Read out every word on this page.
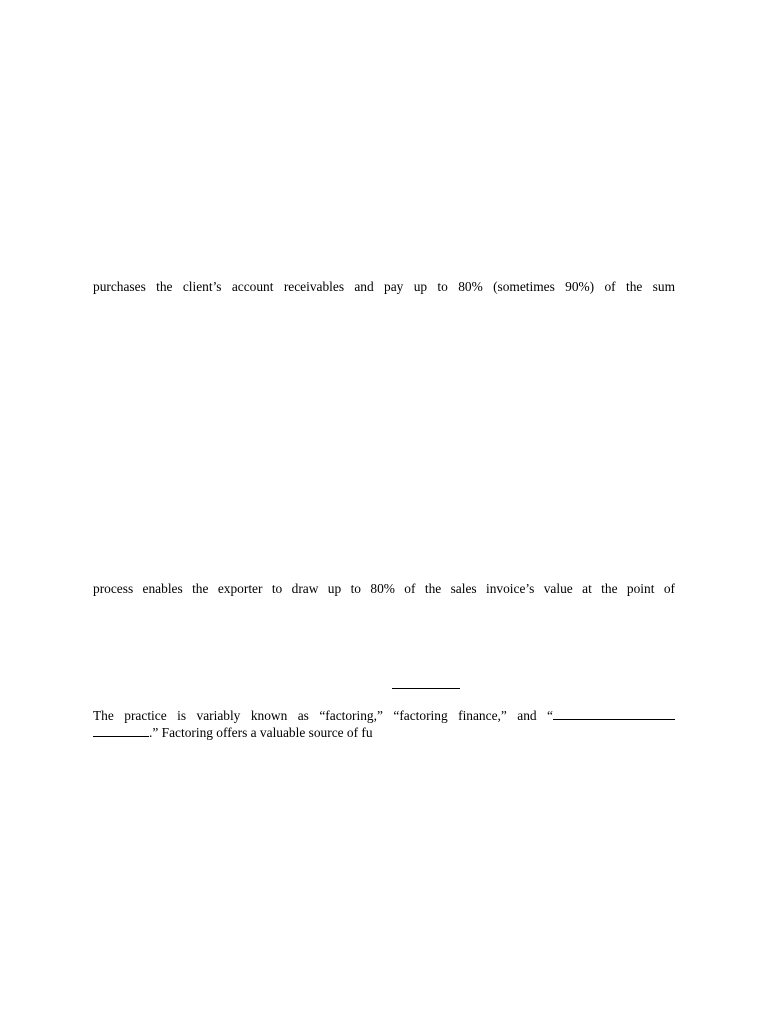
purchases the client’s account receivables and pay up to 80% (sometimes 90%) of the sum
process enables the exporter to draw up to 80% of the sales invoice’s value at the point of
The practice is variably known as “factoring,” “factoring finance,” and “
.” Factoring offers a valuable source of fu
